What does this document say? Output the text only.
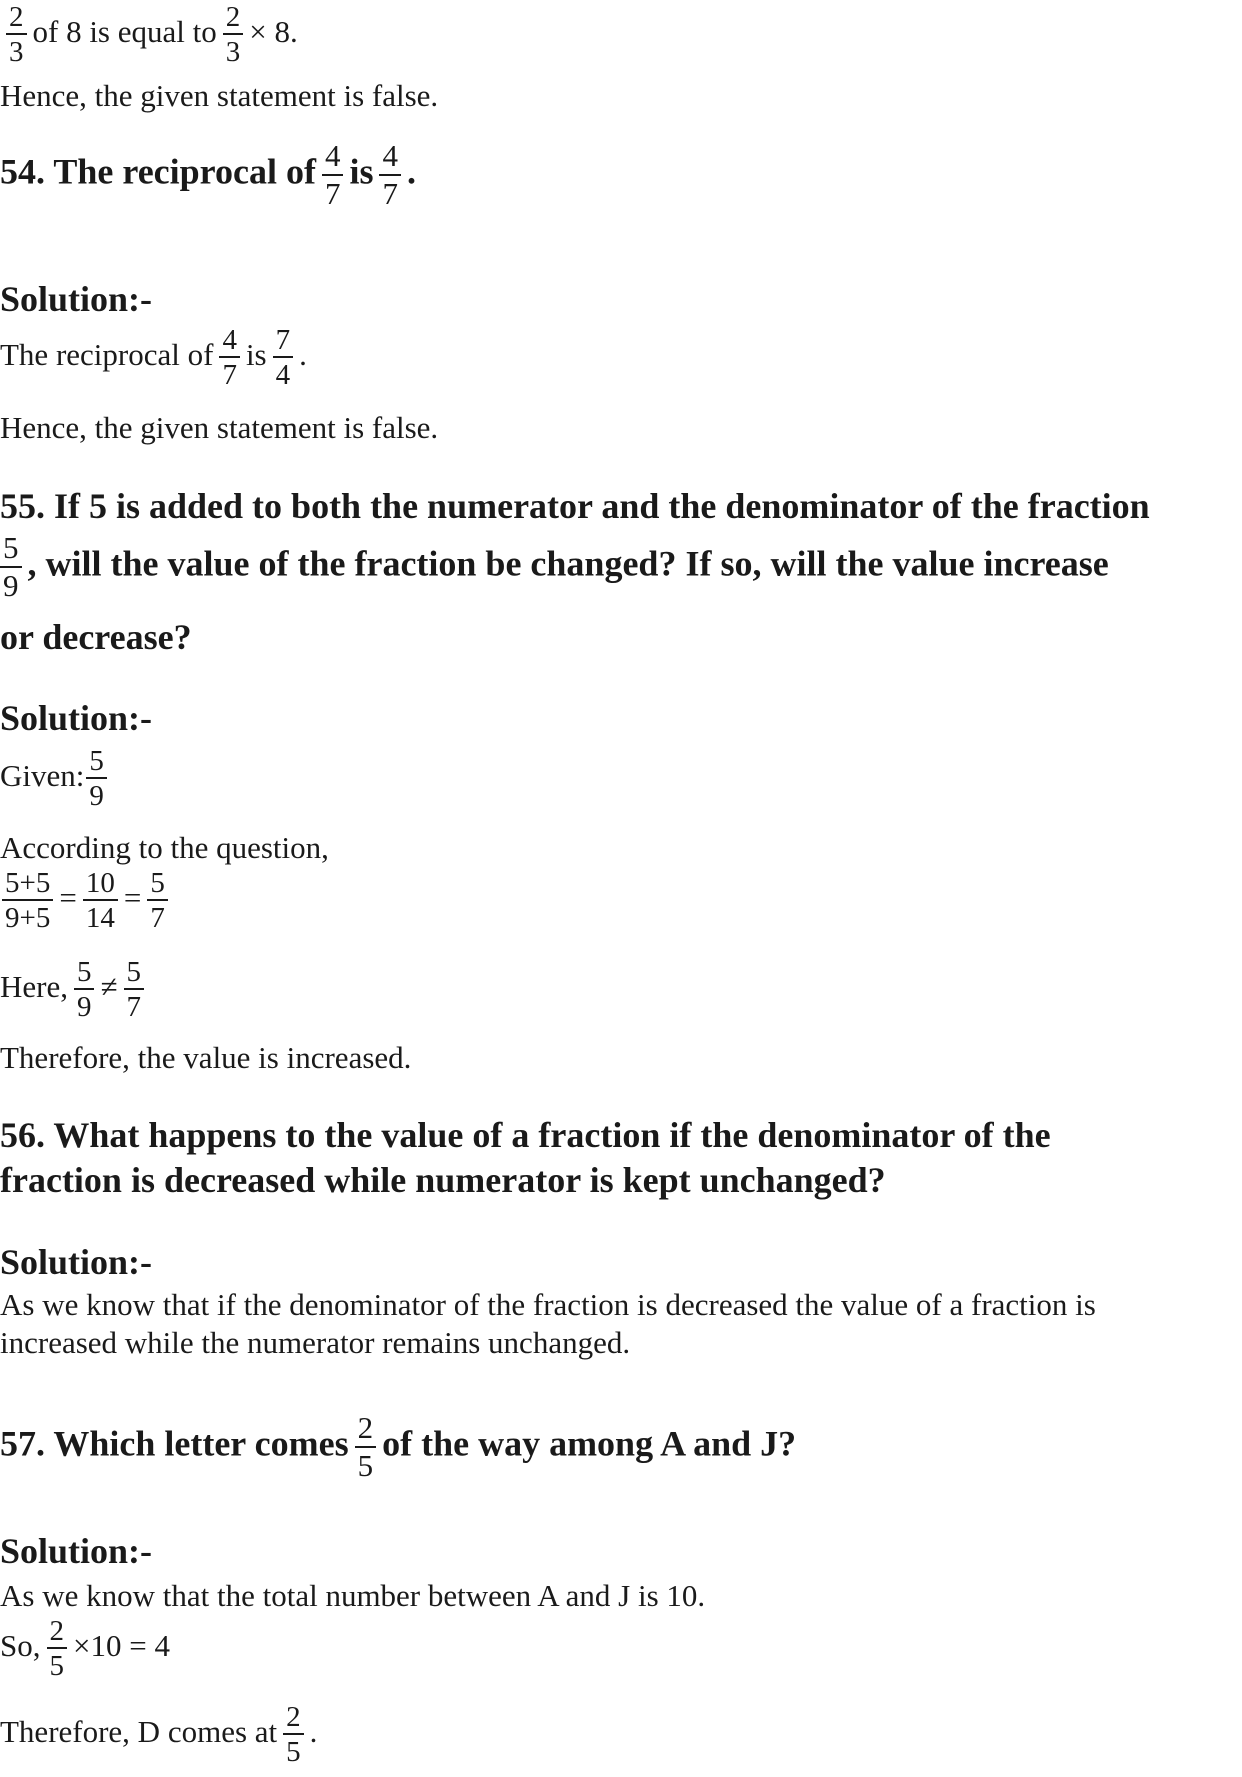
$\frac{2}{3}$ of 8 is equal to $\frac{2}{3} \times 8$.
Hence, the given statement is false.
54. The reciprocal of $\frac{4}{7}$ is $\frac{4}{7}$ .
Solution:-
The reciprocal of $\frac{4}{7}$ is $\frac{7}{4}$ .
Hence, the given statement is false.
55. If 5 is added to both the numerator and the denominator of the fraction
$\frac{5}{9}$ , will the value of the fraction be changed? If so, will the value increase
or decrease?
Solution:-
Given: $\frac{5}{9}$
According to the question,
$\frac{5+5}{9+5} = \frac{10}{14} = \frac{5}{7}$
Here, $\frac{5}{9} \ne \frac{5}{7}$
Therefore, the value is increased.
56. What happens to the value of a fraction if the denominator of the
fraction is decreased while numerator is kept unchanged?
Solution:-
As we know that if the denominator of the fraction is decreased the value of a fraction is
increased while the numerator remains unchanged.
57. Which letter comes $\frac{2}{5}$ of the way among A and J?
Solution:-
As we know that the total number between A and J is 10.
So, $\frac{2}{5} \times 10 = 4$
Therefore, D comes at $\frac{2}{5}$ .
